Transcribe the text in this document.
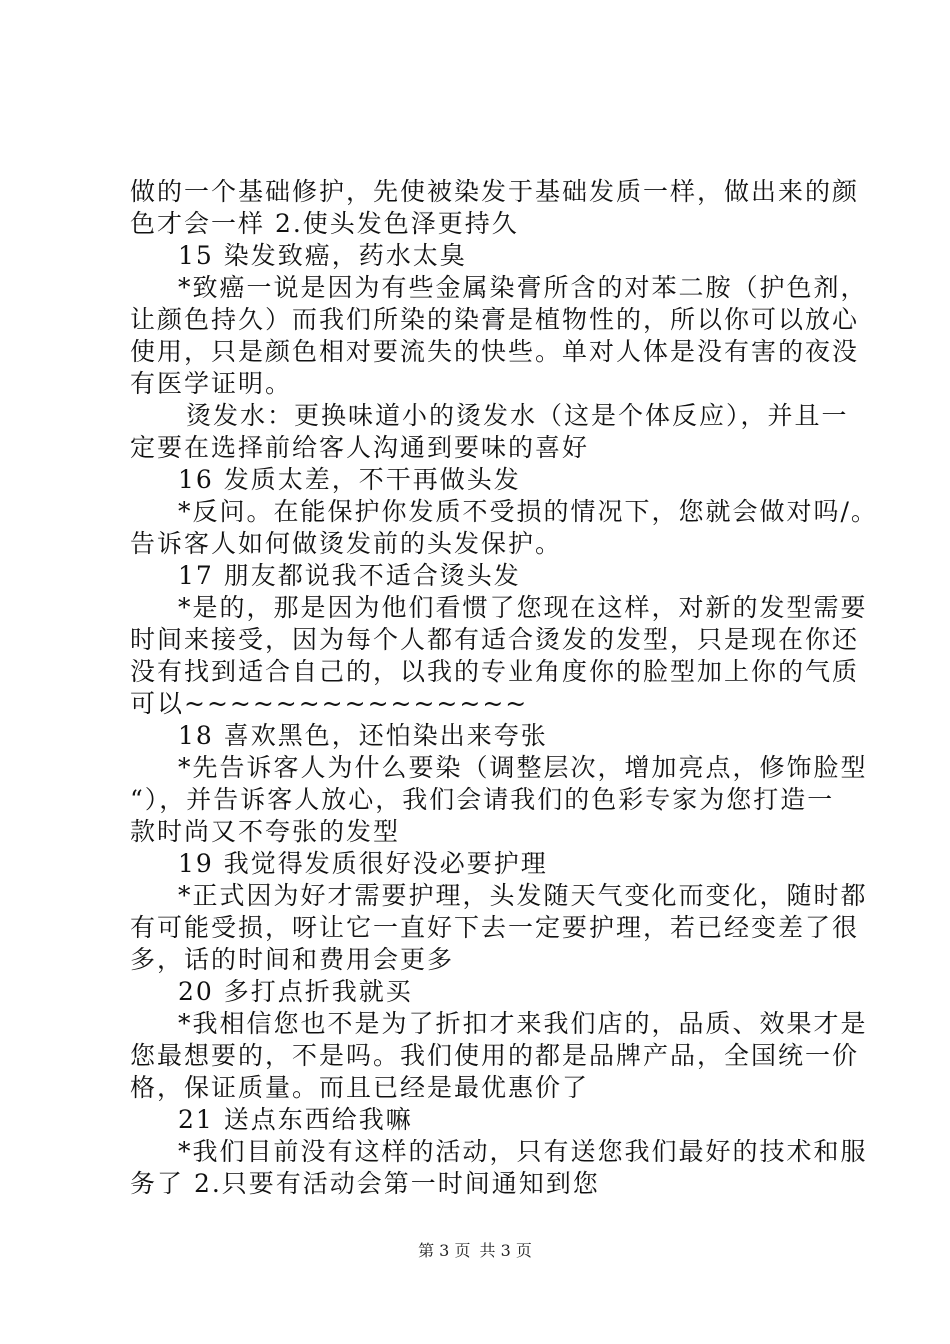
做的一个基础修护，先使被染发于基础发质一样，做出来的颜
色才会一样 2.使头发色泽更持久
15 染发致癌，药水太臭
*致癌一说是因为有些金属染膏所含的对苯二胺（护色剂，
让颜色持久）而我们所染的染膏是植物性的，所以你可以放心
使用，只是颜色相对要流失的快些。单对人体是没有害的夜没
有医学证明。
烫发水：更换味道小的烫发水（这是个体反应），并且一
定要在选择前给客人沟通到要味的喜好
16 发质太差，不干再做头发
*反问。在能保护你发质不受损的情况下，您就会做对吗/。
告诉客人如何做烫发前的头发保护。
17 朋友都说我不适合烫头发
*是的，那是因为他们看惯了您现在这样，对新的发型需要
时间来接受，因为每个人都有适合烫发的发型，只是现在你还
没有找到适合自己的，以我的专业角度你的脸型加上你的气质
可以~~~~~~~~~~~~~~~
18 喜欢黑色，还怕染出来夸张
*先告诉客人为什么要染（调整层次，增加亮点，修饰脸型
“），并告诉客人放心，我们会请我们的色彩专家为您打造一
款时尚又不夸张的发型
19 我觉得发质很好没必要护理
*正式因为好才需要护理，头发随天气变化而变化，随时都
有可能受损，呀让它一直好下去一定要护理，若已经变差了很
多，话的时间和费用会更多
20 多打点折我就买
*我相信您也不是为了折扣才来我们店的，品质、效果才是
您最想要的，不是吗。我们使用的都是品牌产品，全国统一价
格，保证质量。而且已经是最优惠价了
21 送点东西给我嘛
*我们目前没有这样的活动，只有送您我们最好的技术和服
务了 2.只要有活动会第一时间通知到您
第 3 页 共 3 页
